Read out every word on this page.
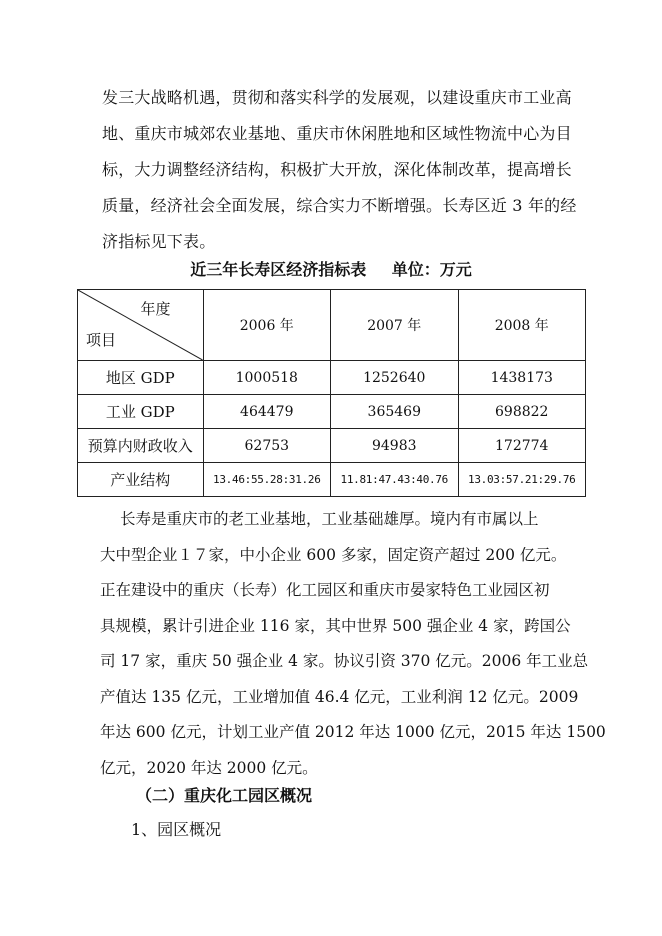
发三大战略机遇，贯彻和落实科学的发展观，以建设重庆市工业高
地、重庆市城郊农业基地、重庆市休闲胜地和区域性物流中心为目
标，大力调整经济结构，积极扩大开放，深化体制改革，提高增长
质量，经济社会全面发展，综合实力不断增强。长寿区近 3 年的经
济指标见下表。
近三年长寿区经济指标表 单位：万元
年度
项目	2006 年	2007 年	2008 年
地区 GDP	1000518	1252640	1438173
工业 GDP	464479	365469	698822
预算内财政收入	62753	94983	172774
产业结构	13.46:55.28:31.26	11.81:47.43:40.76	13.03:57.21:29.76
长寿是重庆市的老工业基地，工业基础雄厚。境内有市属以上
大中型企业１７家，中小企业 600 多家，固定资产超过 200 亿元。
正在建设中的重庆（长寿）化工园区和重庆市晏家特色工业园区初
具规模，累计引进企业 116 家，其中世界 500 强企业 4 家，跨国公
司 17 家，重庆 50 强企业 4 家。协议引资 370 亿元。2006 年工业总
产值达 135 亿元，工业增加值 46.4 亿元，工业利润 12 亿元。2009
年达 600 亿元，计划工业产值 2012 年达 1000 亿元，2015 年达 1500
亿元，2020 年达 2000 亿元。
（二）重庆化工园区概况
1、园区概况
